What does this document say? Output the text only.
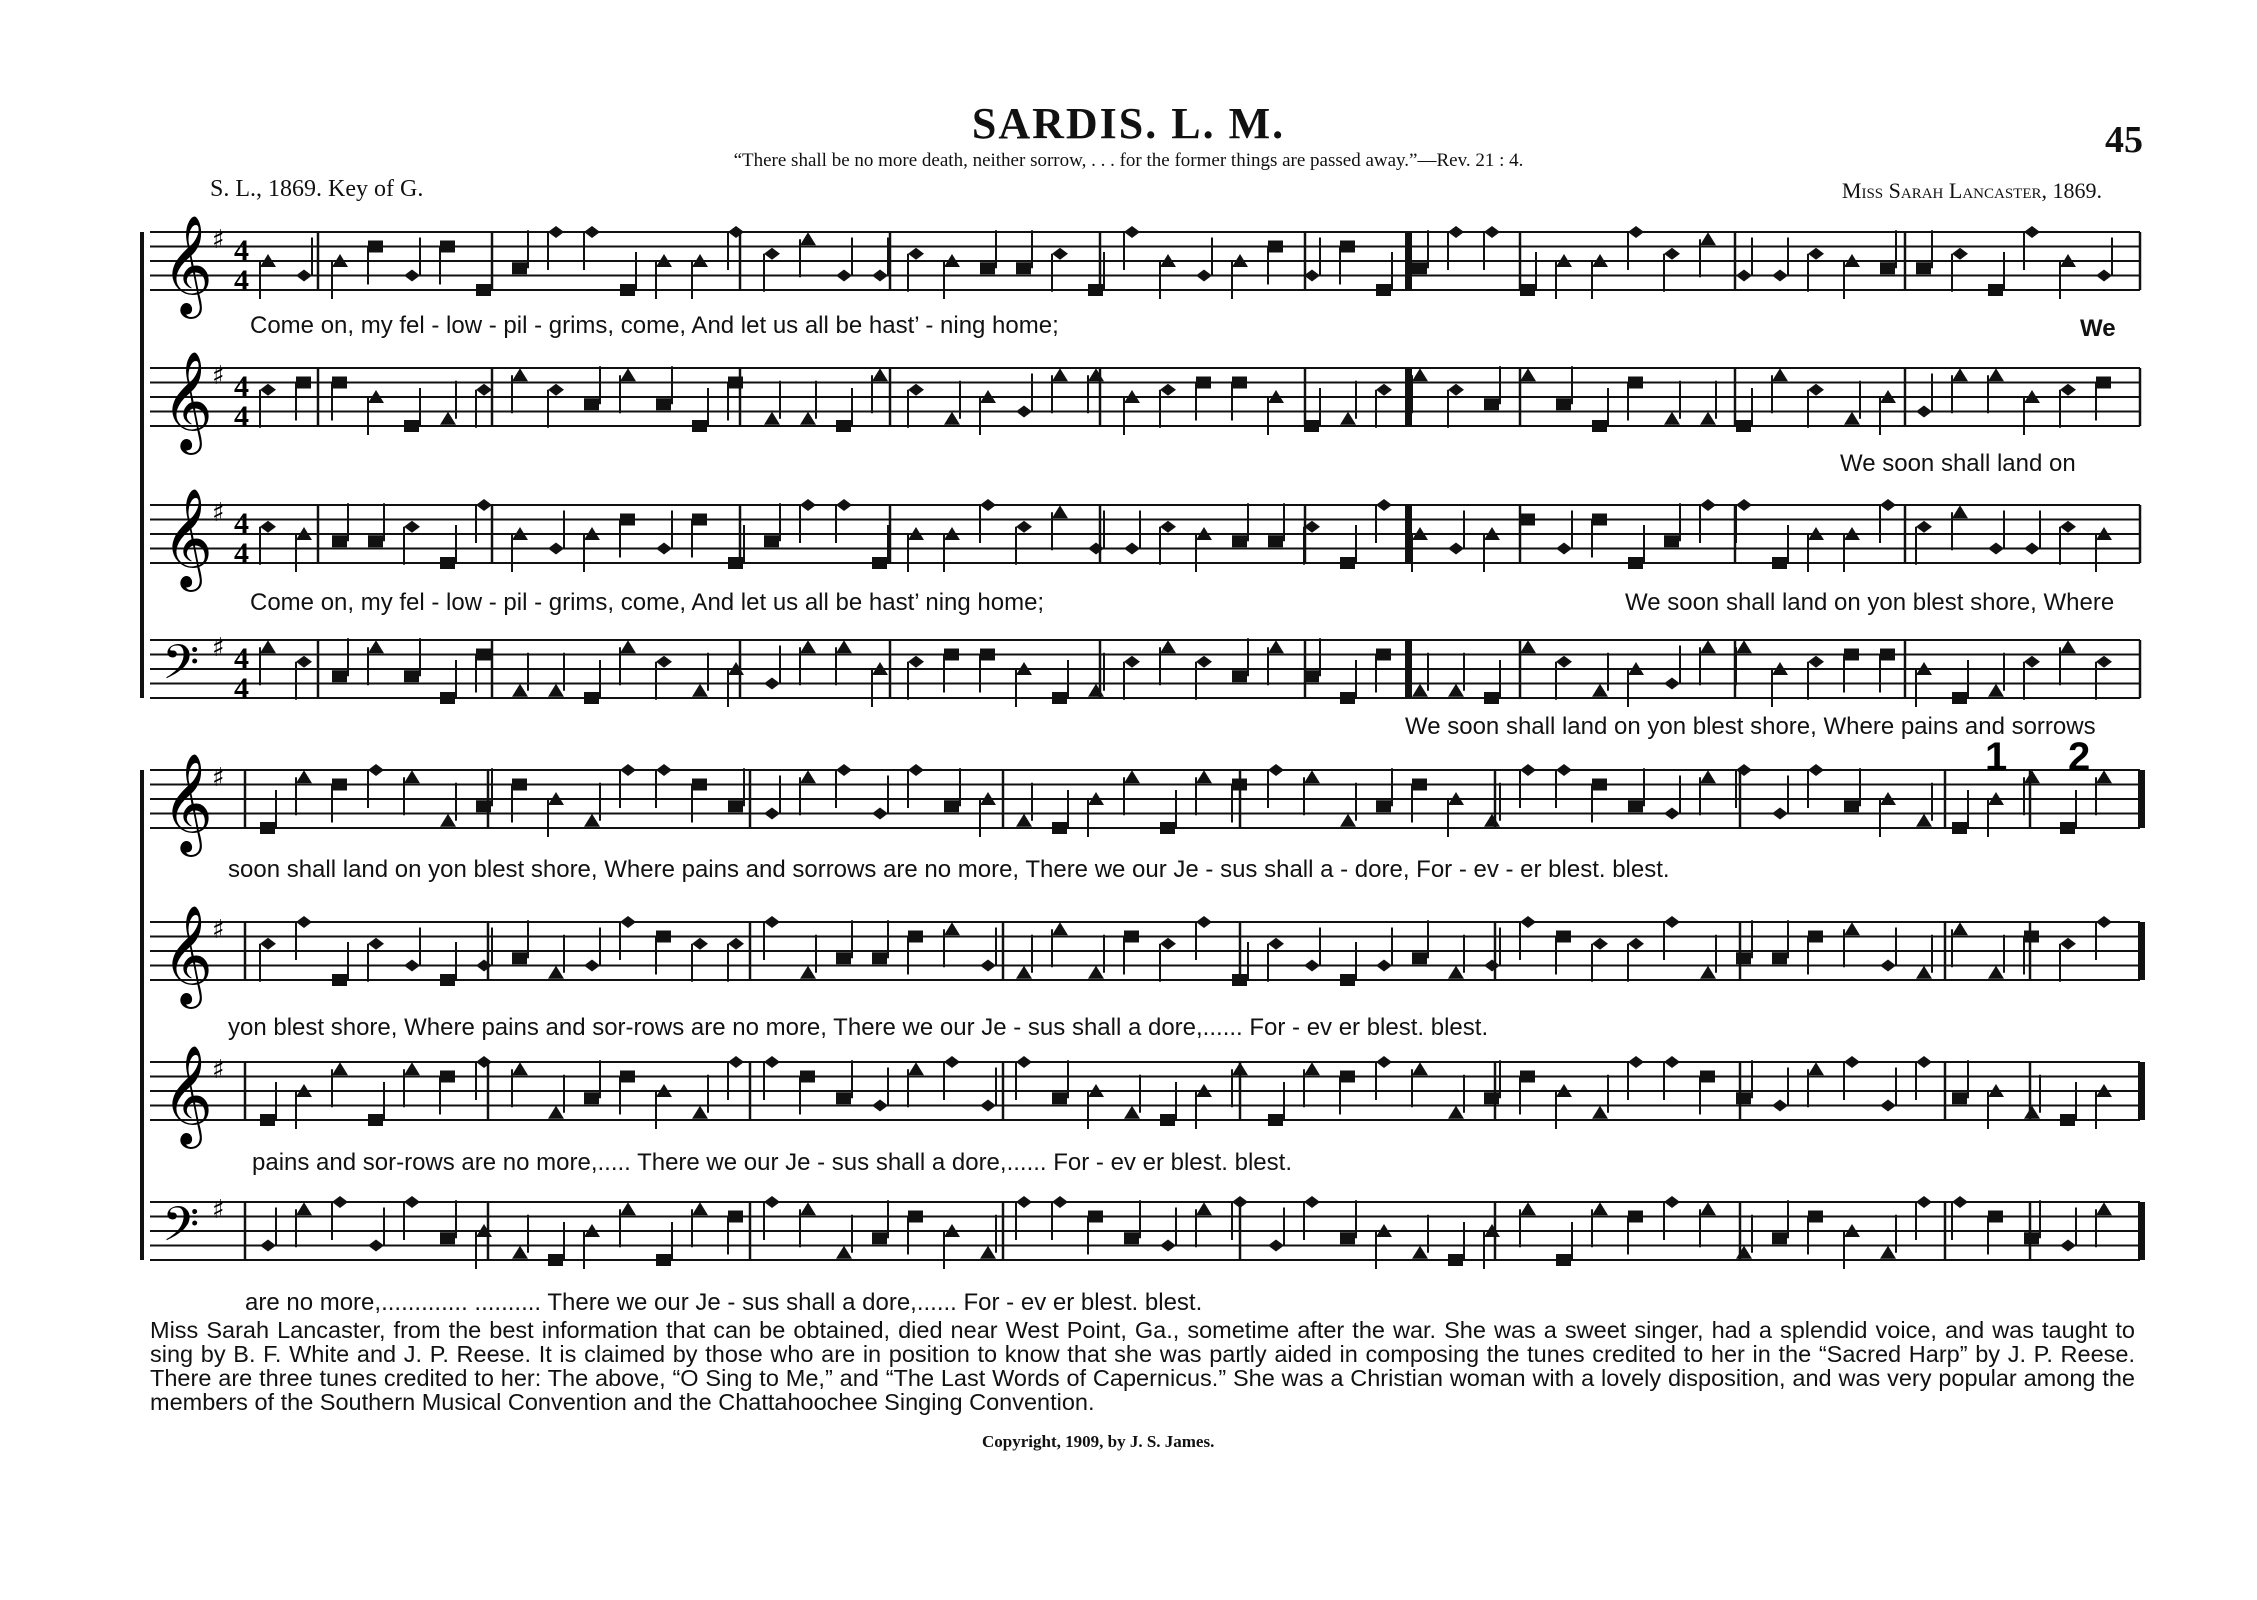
SARDIS. L. M.	45
“There shall be no more death, neither sorrow, . . . for the former things are passed away.”—Rev. 21 : 4.
S. L., 1869. Key of G.	Miss Sarah Lancaster, 1869.
𝄞 ♯ 4
4
𝄞 ♯ 4
4
𝄞 ♯ 4
4
𝄢 ♯ 4
4
𝄞 ♯
𝄞 ♯
𝄞 ♯
𝄢 ♯
1 2
Come on, my fel - low - pil - grims, come, And let us all be hast’ - ning home;	We
We soon shall land on
Come on, my fel - low - pil - grims, come, And let us all be hast’ ning home;	We soon shall land on yon blest shore, Where
We soon shall land on yon blest shore, Where pains and sorrows
soon shall land on yon blest shore, Where pains and sorrows are no more, There we our Je - sus shall a - dore, For - ev - er blest. blest.
yon blest shore, Where pains and sor-rows are no more, There we our Je - sus shall a dore,...... For - ev er blest. blest.
pains and sor-rows are no more,..... There we our Je - sus shall a dore,...... For - ev er blest. blest.
are no more,............. .......... There we our Je - sus shall a dore,...... For - ev er blest. blest.
Miss Sarah Lancaster, from the best information that can be obtained, died near West Point, Ga., sometime after the war. She was a sweet singer, had a splendid voice, and was taught to sing by B. F. White and J. P. Reese. It is claimed by those who are in position to know that she was partly aided in composing the tunes credited to her in the “Sacred Harp” by J. P. Reese. There are three tunes credited to her: The above, “O Sing to Me,” and “The Last Words of Capernicus.” She was a Christian woman with a lovely disposition, and was very popular among the members of the Southern Musical Convention and the Chattahoochee Singing Convention.
Copyright, 1909, by J. S. James.
